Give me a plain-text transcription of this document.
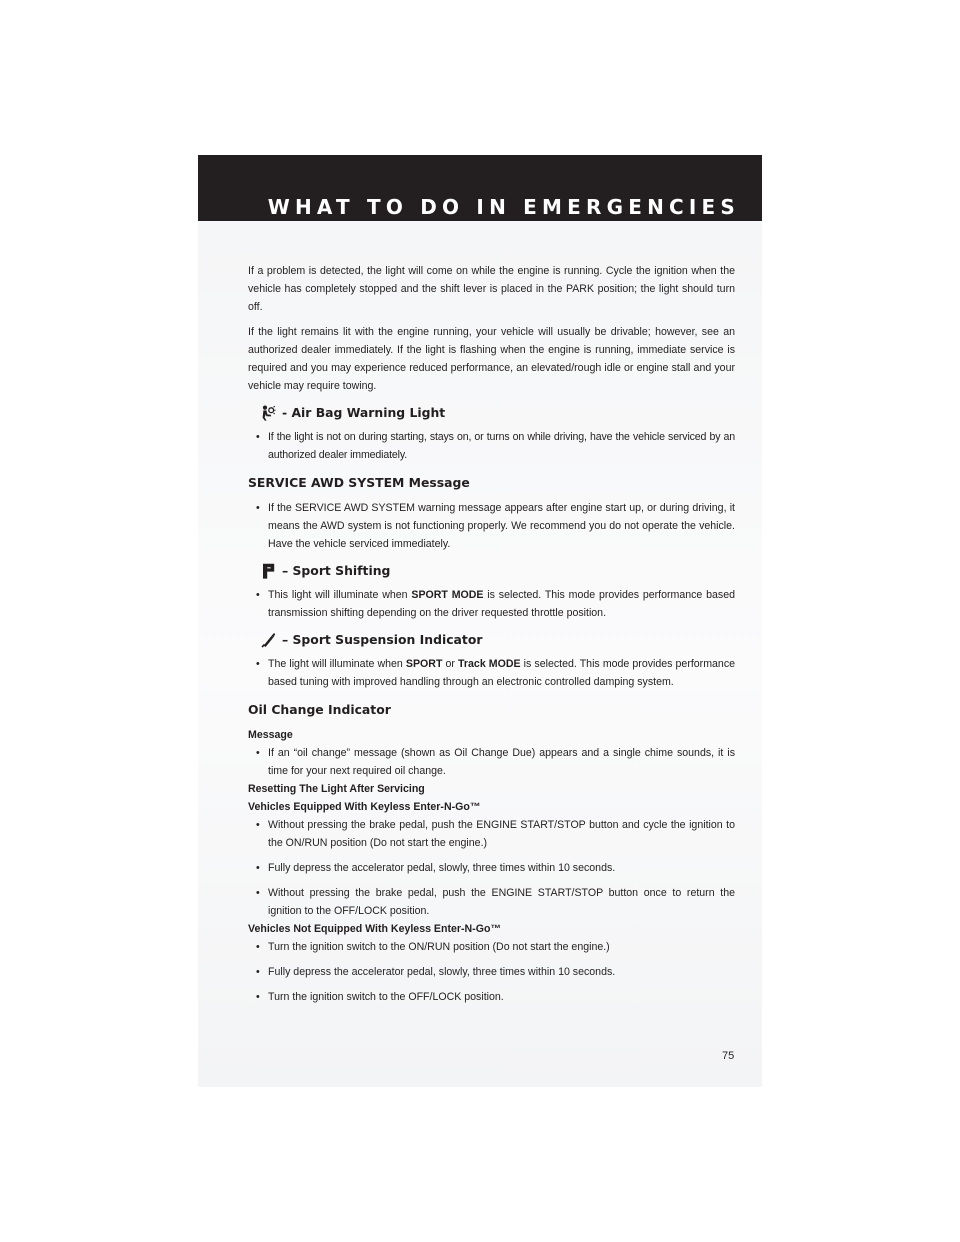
WHAT TO DO IN EMERGENCIES

If a problem is detected, the light will come on while the engine is running. Cycle the ignition when the vehicle has completely stopped and the shift lever is placed in the PARK position; the light should turn off.

If the light remains lit with the engine running, your vehicle will usually be drivable; however, see an authorized dealer immediately. If the light is flashing when the engine is running, immediate service is required and you may experience reduced performance, an elevated/rough idle or engine stall and your vehicle may require towing.

- Air Bag Warning Light

• If the light is not on during starting, stays on, or turns on while driving, have the vehicle serviced by an authorized dealer immediately.

SERVICE AWD SYSTEM Message

• If the SERVICE AWD SYSTEM warning message appears after engine start up, or during driving, it means the AWD system is not functioning properly. We recommend you do not operate the vehicle. Have the vehicle serviced immediately.

– Sport Shifting

• This light will illuminate when SPORT MODE is selected. This mode provides performance based transmission shifting depending on the driver requested throttle position.

– Sport Suspension Indicator

• The light will illuminate when SPORT or Track MODE is selected. This mode provides performance based tuning with improved handling through an electronic controlled damping system.

Oil Change Indicator

Message

• If an “oil change” message (shown as Oil Change Due) appears and a single chime sounds, it is time for your next required oil change.

Resetting The Light After Servicing

Vehicles Equipped With Keyless Enter-N-Go™

• Without pressing the brake pedal, push the ENGINE START/STOP button and cycle the ignition to the ON/RUN position (Do not start the engine.)

• Fully depress the accelerator pedal, slowly, three times within 10 seconds.

• Without pressing the brake pedal, push the ENGINE START/STOP button once to return the ignition to the OFF/LOCK position.

Vehicles Not Equipped With Keyless Enter-N-Go™

• Turn the ignition switch to the ON/RUN position (Do not start the engine.)

• Fully depress the accelerator pedal, slowly, three times within 10 seconds.

• Turn the ignition switch to the OFF/LOCK position.

75
